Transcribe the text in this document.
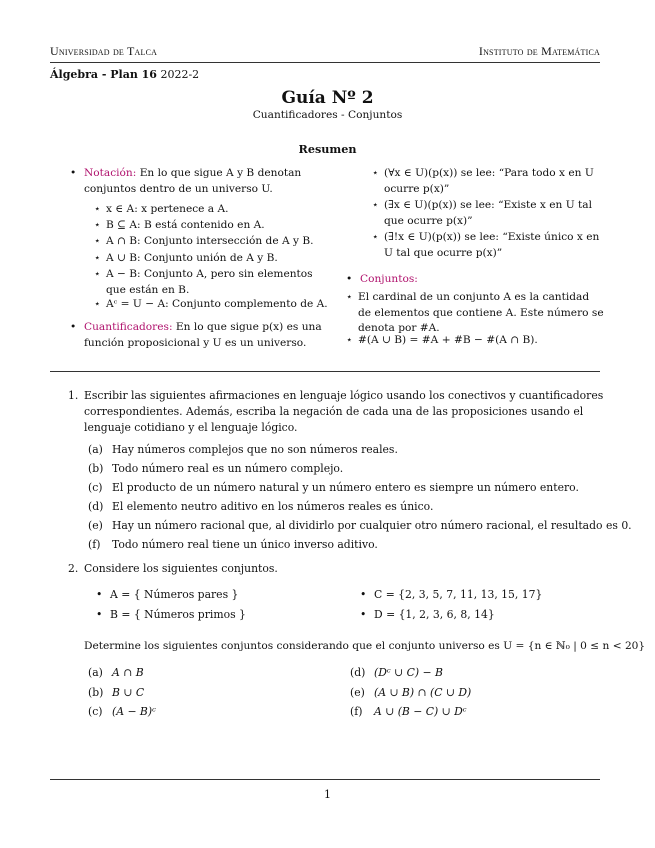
Universidad de Talca	Instituto de Matemática
Álgebra - Plan 16 2022-2
Guía Nº 2
Cuantificadores - Conjuntos
Resumen
• Notación: En lo que sigue A y B denotan conjuntos dentro de un universo U.
⋆ x ∈ A: x pertenece a A.
⋆ B ⊆ A: B está contenido en A.
⋆ A ∩ B: Conjunto intersección de A y B.
⋆ A ∪ B: Conjunto unión de A y B.
⋆ A − B: Conjunto A, pero sin elementos que están en B.
⋆ Aᶜ = U − A: Conjunto complemento de A.
• Cuantificadores: En lo que sigue p(x) es una función proposicional y U es un universo.
⋆ (∀x ∈ U)(p(x)) se lee: “Para todo x en U ocurre p(x)”
⋆ (∃x ∈ U)(p(x)) se lee: “Existe x en U tal que ocurre p(x)”
⋆ (∃!x ∈ U)(p(x)) se lee: “Existe único x en U tal que ocurre p(x)”
• Conjuntos:
⋆ El cardinal de un conjunto A es la cantidad de elementos que contiene A. Este número se denota por #A.
⋆ #(A ∪ B) = #A + #B − #(A ∩ B).
1. Escribir las siguientes afirmaciones en lenguaje lógico usando los conectivos y cuantificadores correspondientes. Además, escriba la negación de cada una de las proposiciones usando el lenguaje cotidiano y el lenguaje lógico.
(a) Hay números complejos que no son números reales.
(b) Todo número real es un número complejo.
(c) El producto de un número natural y un número entero es siempre un número entero.
(d) El elemento neutro aditivo en los números reales es único.
(e) Hay un número racional que, al dividirlo por cualquier otro número racional, el resultado es 0.
(f)	Todo número real tiene un único inverso aditivo.
2. Considere los siguientes conjuntos.
• A = { Números pares }
• B = { Números primos }
• C = {2, 3, 5, 7, 11, 13, 15, 17}
• D = {1, 2, 3, 6, 8, 14}
Determine los siguientes conjuntos considerando que el conjunto universo es U = {n ∈ ℕ₀ | 0 ≤ n < 20}
(a) A ∩ B
(b) B ∪ C
(c) (A − B)ᶜ
(d) (Dᶜ ∪ C) − B
(e) (A ∪ B) ∩ (C ∪ D)
(f)	A ∪ (B − C) ∪ Dᶜ
1
